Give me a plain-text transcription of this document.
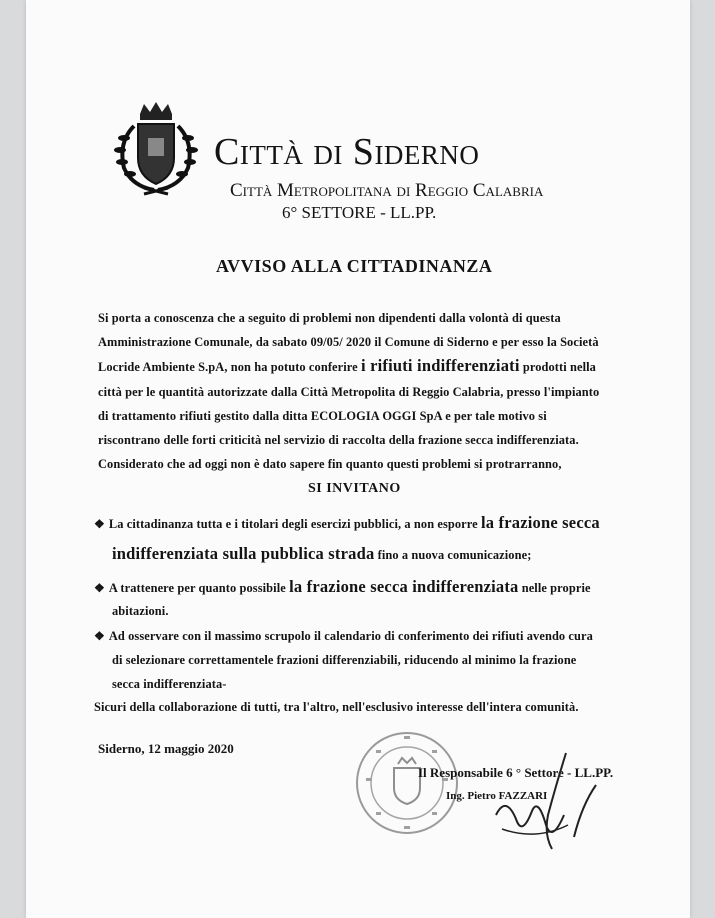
Città di Siderno
Città Metropolitana di Reggio Calabria
6° SETTORE - LL.PP.
AVVISO ALLA CITTADINANZA
Si porta a conoscenza che a seguito di problemi non dipendenti dalla volontà di questa
Amministrazione Comunale, da sabato 09/05/ 2020 il Comune di Siderno e per esso la Società
Locride Ambiente S.pA, non ha potuto conferire i rifiuti indifferenziati prodotti nella
città per le quantità autorizzate dalla Città Metropolita di Reggio Calabria, presso l'impianto
di trattamento rifiuti gestito dalla ditta ECOLOGIA OGGI SpA e per tale motivo si
riscontrano delle forti criticità nel servizio di raccolta della frazione secca indifferenziata.
Considerato che ad oggi non è dato sapere fin quanto questi problemi si protrarranno,
SI INVITANO
❖ La cittadinanza tutta e i titolari degli esercizi pubblici, a non esporre la frazione secca
indifferenziata sulla pubblica strada fino a nuova comunicazione;
❖ A trattenere per quanto possibile la frazione secca indifferenziata nelle proprie
abitazioni.
❖ Ad osservare con il massimo scrupolo il calendario di conferimento dei rifiuti avendo cura
di selezionare correttamentele frazioni differenziabili, riducendo al minimo la frazione
secca indifferenziata-
Sicuri della collaborazione di tutti, tra l'altro, nell'esclusivo interesse dell'intera comunità.
Siderno, 12 maggio 2020
Il Responsabile 6 ° Settore - LL.PP.
Ing. Pietro FAZZARI
